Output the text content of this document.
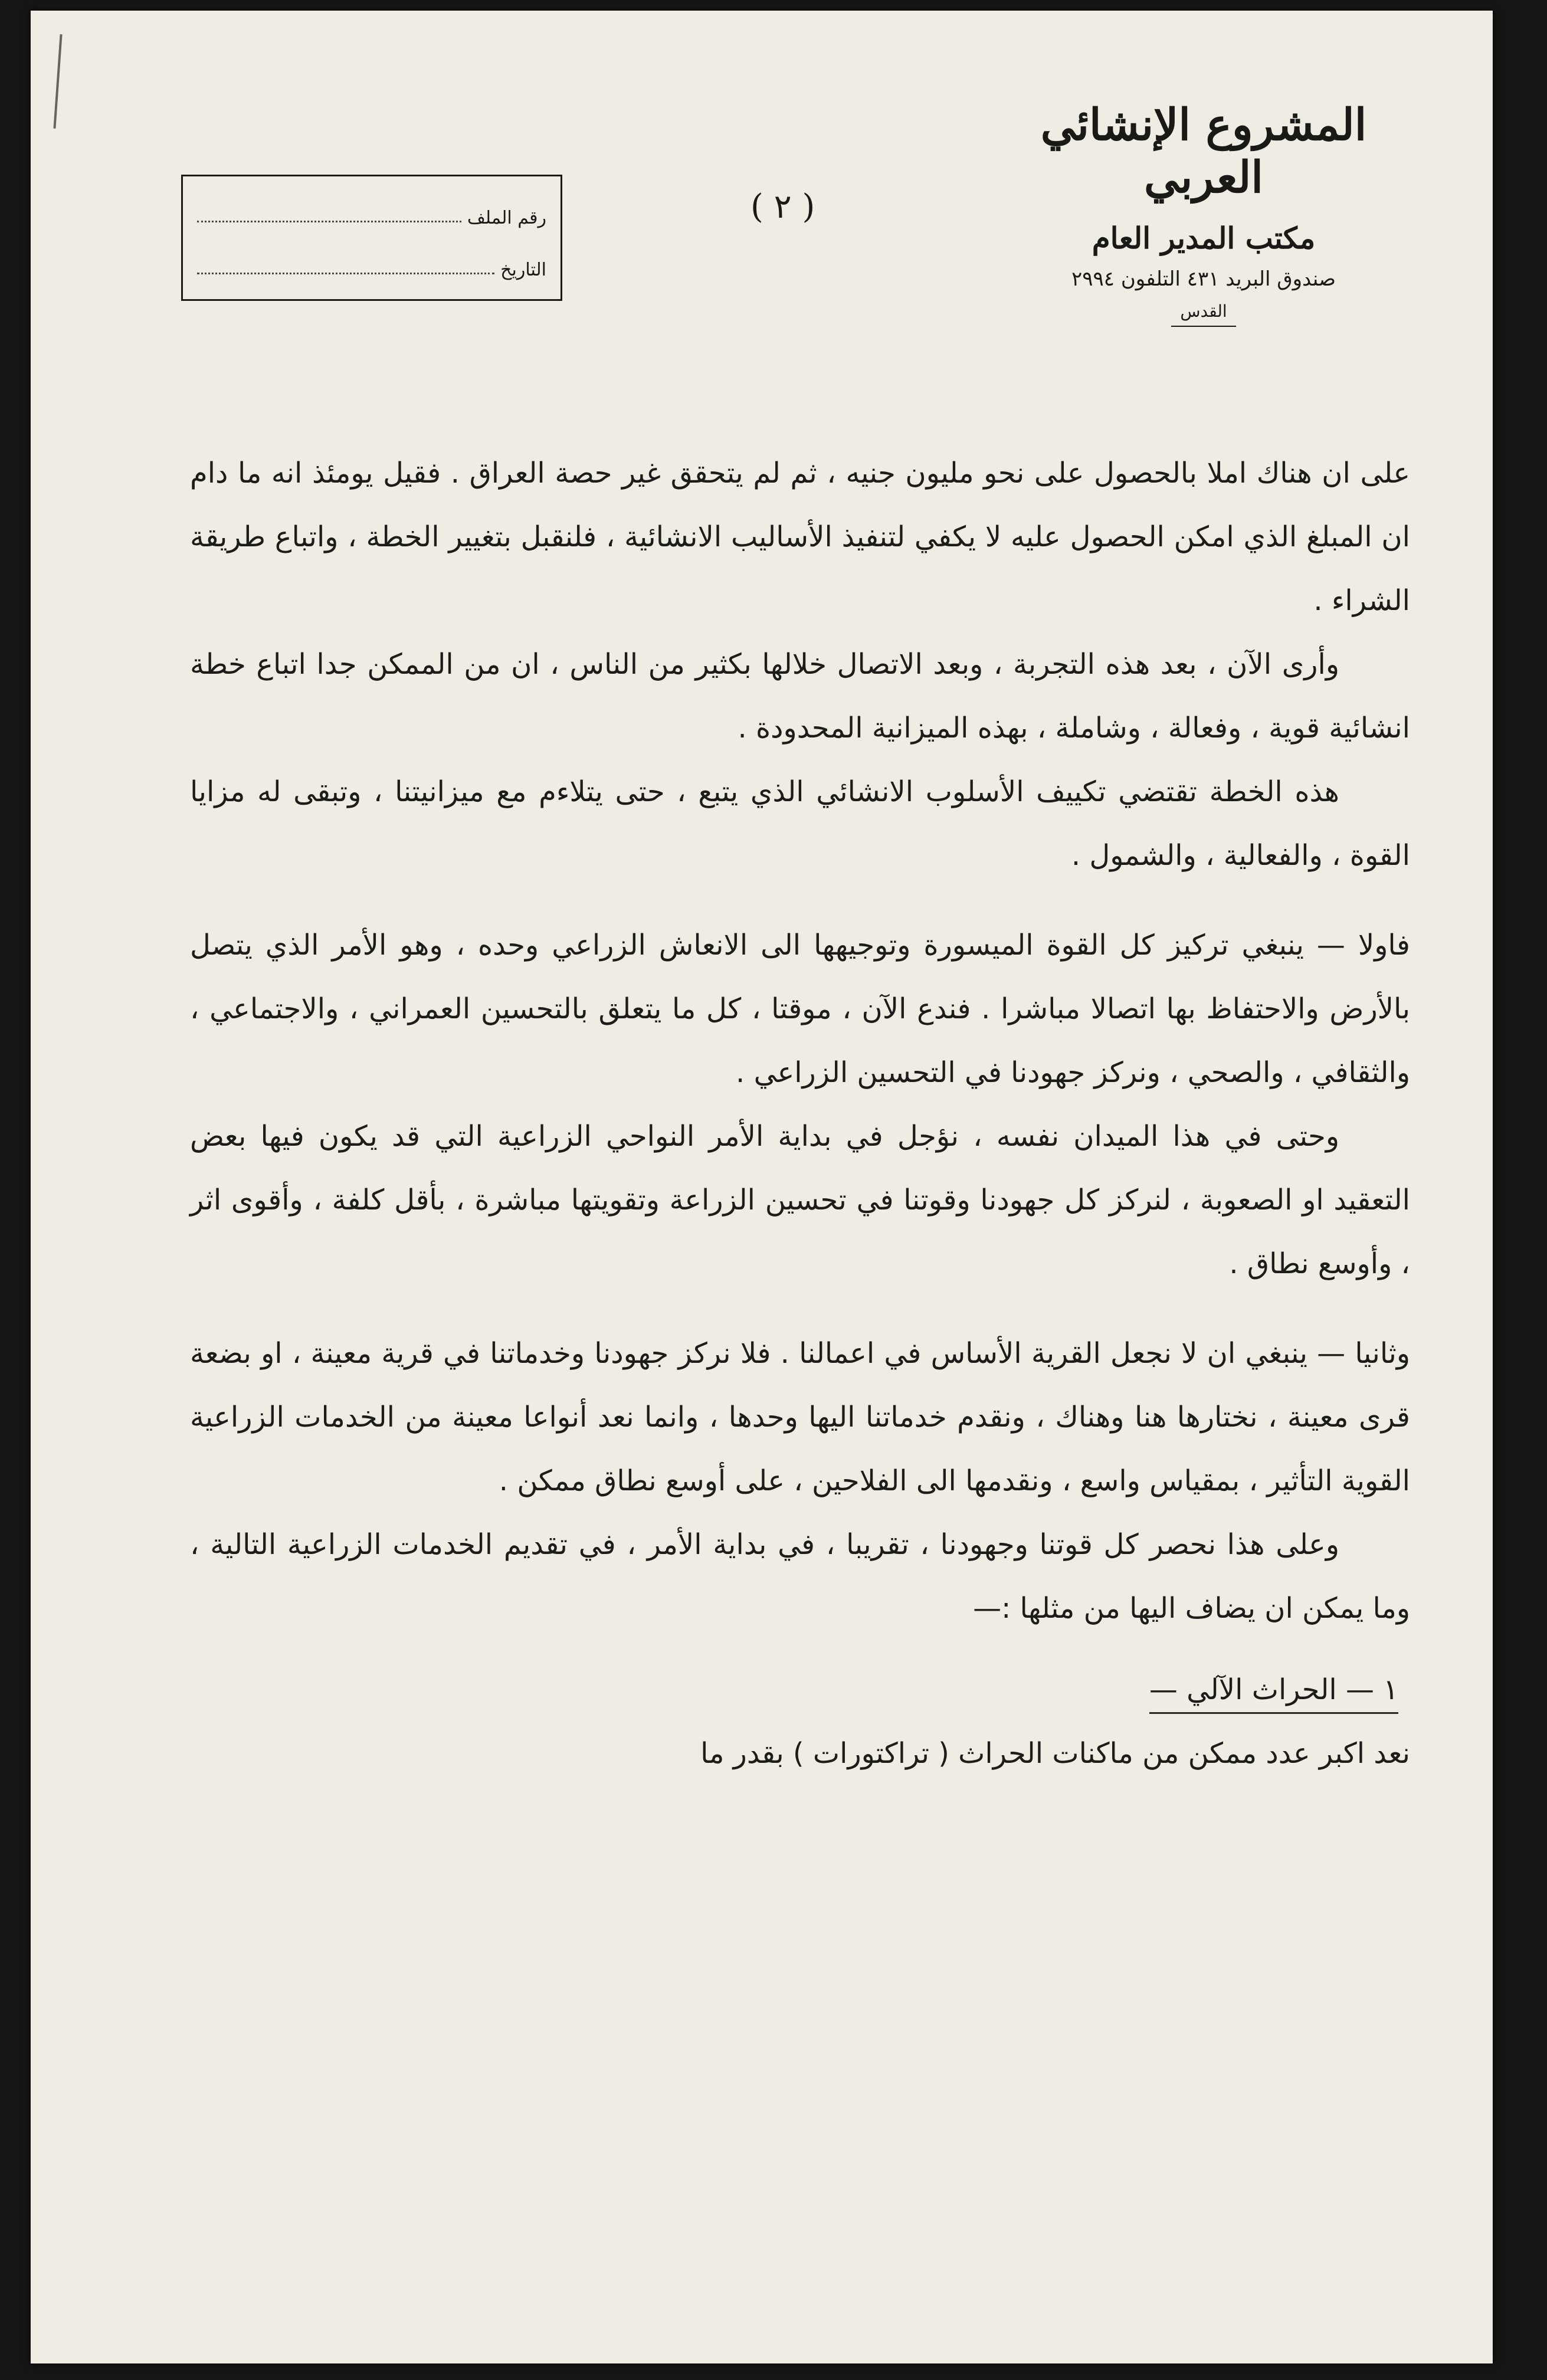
المشروع الإنشائي العربي
مكتب المدير العام
صندوق البريد ٤٣١ التلفون ٢٩٩٤
القدس
( ٢ )
رقم الملف
التاريخ

على ان هناك املا بالحصول على نحو مليون جنيه ، ثم لم يتحقق غير حصة العراق . فقيل يومئذ انه ما دام ان المبلغ الذي امكن الحصول عليه لا يكفي لتنفيذ الأساليب الانشائية ، فلنقبل بتغيير الخطة ، واتباع طريقة الشراء .

وأرى الآن ، بعد هذه التجربة ، وبعد الاتصال خلالها بكثير من الناس ، ان من الممكن جدا اتباع خطة انشائية قوية ، وفعالة ، وشاملة ، بهذه الميزانية المحدودة .

هذه الخطة تقتضي تكييف الأسلوب الانشائي الذي يتبع ، حتى يتلاءم مع ميزانيتنا ، وتبقى له مزايا القوة ، والفعالية ، والشمول .

فاولا — ينبغي تركيز كل القوة الميسورة وتوجيهها الى الانعاش الزراعي وحده ، وهو الأمر الذي يتصل بالأرض والاحتفاظ بها اتصالا مباشرا . فندع الآن ، موقتا ، كل ما يتعلق بالتحسين العمراني ، والاجتماعي ، والثقافي ، والصحي ، ونركز جهودنا في التحسين الزراعي .

وحتى في هذا الميدان نفسه ، نؤجل في بداية الأمر النواحي الزراعية التي قد يكون فيها بعض التعقيد او الصعوبة ، لنركز كل جهودنا وقوتنا في تحسين الزراعة وتقويتها مباشرة ، بأقل كلفة ، وأقوى اثر ، وأوسع نطاق .

وثانيا — ينبغي ان لا نجعل القرية الأساس في اعمالنا . فلا نركز جهودنا وخدماتنا في قرية معينة ، او بضعة قرى معينة ، نختارها هنا وهناك ، ونقدم خدماتنا اليها وحدها ، وانما نعد أنواعا معينة من الخدمات الزراعية القوية التأثير ، بمقياس واسع ، ونقدمها الى الفلاحين ، على أوسع نطاق ممكن .

وعلى هذا نحصر كل قوتنا وجهودنا ، تقريبا ، في بداية الأمر ، في تقديم الخدمات الزراعية التالية ، وما يمكن ان يضاف اليها من مثلها :—

١ — الحراث الآلي —

نعد اكبر عدد ممكن من ماكنات الحراث ( تراكتورات ) بقدر ما
